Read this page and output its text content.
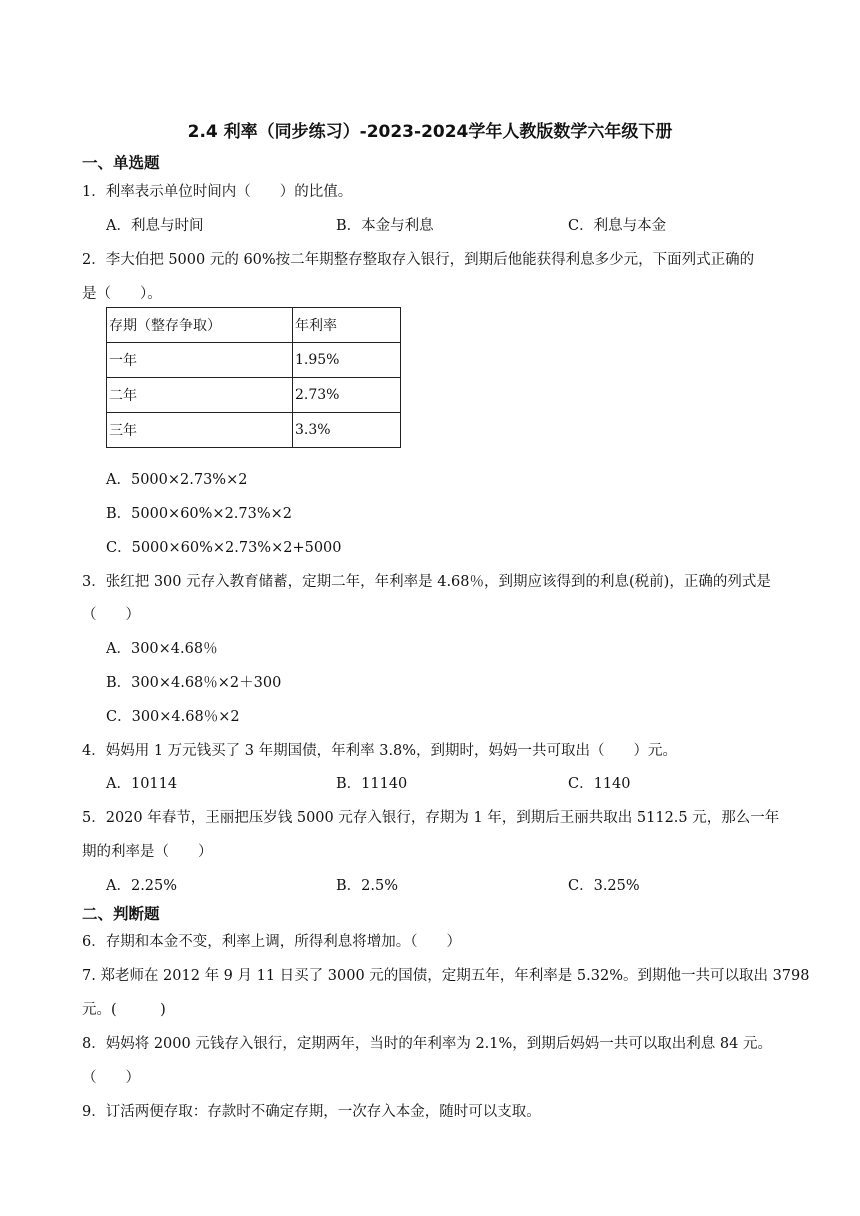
2.4 利率（同步练习）-2023-2024学年人教版数学六年级下册
一、单选题
1．利率表示单位时间内（　　）的比值。
A．利息与时间	B．本金与利息	C．利息与本金
2．李大伯把 5000 元的 60%按二年期整存整取存入银行，到期后他能获得利息多少元，下面列式正确的
是（　　）。
存期（整存争取）	年利率
一年	1.95%
二年	2.73%
三年	3.3%
A．5000×2.73%×2
B．5000×60%×2.73%×2
C．5000×60%×2.73%×2+5000
3．张红把 300 元存入教育储蓄，定期二年，年利率是 4.68％，到期应该得到的利息(税前)，正确的列式是
（　　）
A．300×4.68％
B．300×4.68％×2＋300
C．300×4.68％×2
4．妈妈用 1 万元钱买了 3 年期国债，年利率 3.8%，到期时，妈妈一共可取出（　　）元。
A．10114	B．11140	C．1140
5．2020 年春节，王丽把压岁钱 5000 元存入银行，存期为 1 年，到期后王丽共取出 5112.5 元，那么一年
期的利率是（　　）
A．2.25%	B．2.5%	C．3.25%
二、判断题
6．存期和本金不变，利率上调，所得利息将增加。（　　）
7. 郑老师在 2012 年 9 月 11 日买了 3000 元的国债，定期五年，年利率是 5.32%。到期他一共可以取出 3798
元。(　　　)
8．妈妈将 2000 元钱存入银行，定期两年，当时的年利率为 2.1%，到期后妈妈一共可以取出利息 84 元。
（　　）
9．订活两便存取：存款时不确定存期，一次存入本金，随时可以支取。
